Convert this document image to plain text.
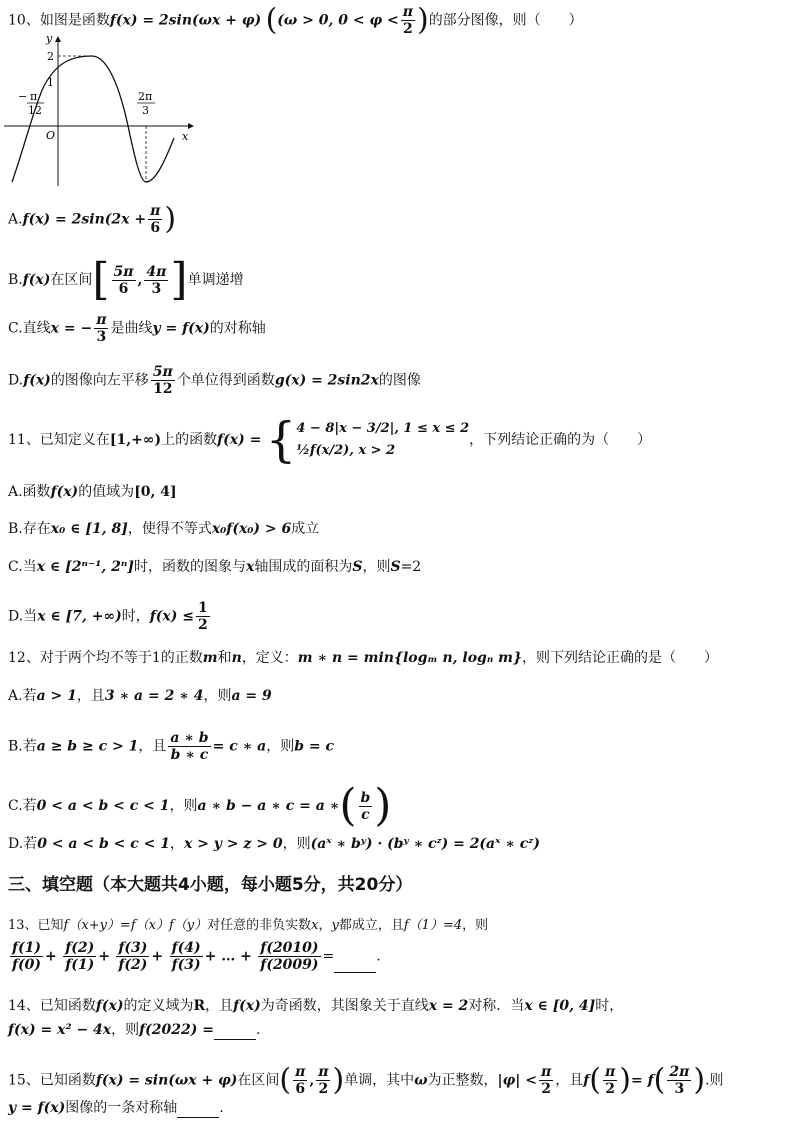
10、如图是函数f(x) = 2sin(ωx + φ) ((ω > 0, $0 < \varphi < \frac{\pi}{2}$ )的部分图像，则（　　）
y
x
O
2
1
− π
12
2π
3
$A.f(x) = 2\sin(2x + \frac{\pi}{6}$ )
B.f(x)在区间[ $\frac{5\pi}{6}$ , $\frac{4\pi}{3}$ ]单调递增
C.直线x = − $\frac{\pi}{3}$ 是曲线y = f(x)的对称轴
D.f(x)的图像向左平移 $\frac{5\pi}{12}$ 个单位得到函数g(x) = 2sin2x的图像
11、已知定义在[1,+∞)上的函数f(x) = { 4 − 8|x − 3/2|, 1 ≤ x ≤ 2
½f(x/2), x > 2
，下列结论正确的为（　　）
A.函数f(x)的值域为[0, 4]
B.存在x₀ ∈ [1, 8]，使得不等式x₀f(x₀) > 6成立
C.当x ∈ [2ⁿ⁻¹, 2ⁿ]时，函数的图象与x轴围成的面积为S，则S=2
D.当x ∈ [7, +∞)时，$f(x) \le \frac{1}{2}$
12、对于两个均不等于1的正数m和n，定义：m ∗ n = min{logₘ n, logₙ m}，则下列结论正确的是（　　）
A.若a > 1，且3 ∗ a = 2 ∗ 4，则a = 9
B.若a ≥ b ≥ c > 1，且 $\frac{a ∗ b}{b ∗ c} = c$ ∗ a，则b = c
C.若0 < a < b < c < 1，则a ∗ b − a ∗ c = a ∗( $\frac{b}{c}$ )
D.若0 < a < b < c < 1，x > y > z > 0，则(aˣ ∗ bʸ) · (bʸ ∗ cᶻ) = 2(aˣ ∗ cᶻ)
三、填空题（本大题共4小题，每小题5分，共20分）
13、已知f（x+y）=f（x）f（y）对任意的非负实数x，y都成立，且f（1）=4，则
$\frac{f(1)}{f(0)} + \frac{f(2)}{f(1)} + \frac{f(3)}{f(2)} + \frac{f(4)}{f(3)}$ + … + $\frac{f(2010)}{f(2009)}$ =	.
14、已知函数f(x)的定义域为R，且f(x)为奇函数，其图象关于直线x = 2对称．当x ∈ [0, 4]时，
f(x) = x² − 4x，则f(2022) =	.
15、已知函数f(x) = sin(ωx + φ)在区间( $\frac{\pi}{6}$ , $\frac{\pi}{2}$ )单调，其中ω为正整数，$|\varphi| < \frac{\pi}{2}$ ，且$f( \frac{\pi}{2}$ )= $f( \frac{2\pi}{3}$ ).则
y = f(x)图像的一条对称轴	.
